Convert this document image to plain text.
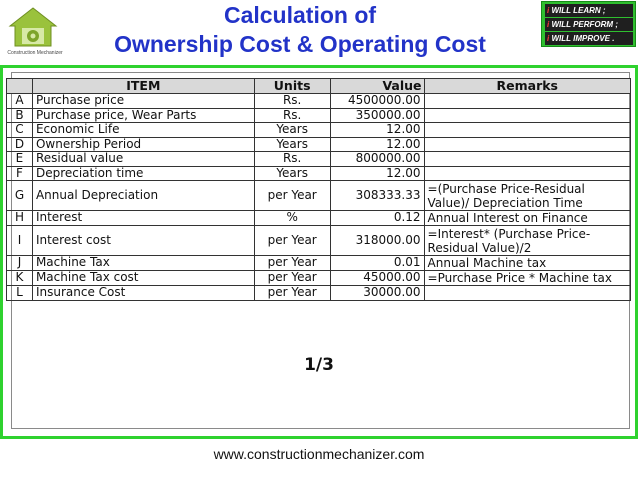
Construction Mechanizer
Calculation of
Ownership Cost & Operating Cost
i WILL LEARN ;
i WILL PERFORM ;
i WILL IMPROVE .
	ITEM	Units	Value	Remarks
A	Purchase price	Rs.	4500000.00	
B	Purchase price, Wear Parts	Rs.	350000.00	
C	Economic Life	Years	12.00	
D	Ownership Period	Years	12.00	
E	Residual value	Rs.	800000.00	
F	Depreciation time	Years	12.00	
G	Annual Depreciation	per Year	308333.33	=(Purchase Price-Residual Value)/ Depreciation Time
H	Interest	%	0.12	Annual Interest on Finance
I	Interest cost	per Year	318000.00	=Interest* (Purchase Price-Residual Value)/2
J	Machine Tax	per Year	0.01	Annual Machine tax
K	Machine Tax cost	per Year	45000.00	=Purchase Price * Machine tax
L	Insurance Cost	per Year	30000.00	
1/3
www.constructionmechanizer.com
